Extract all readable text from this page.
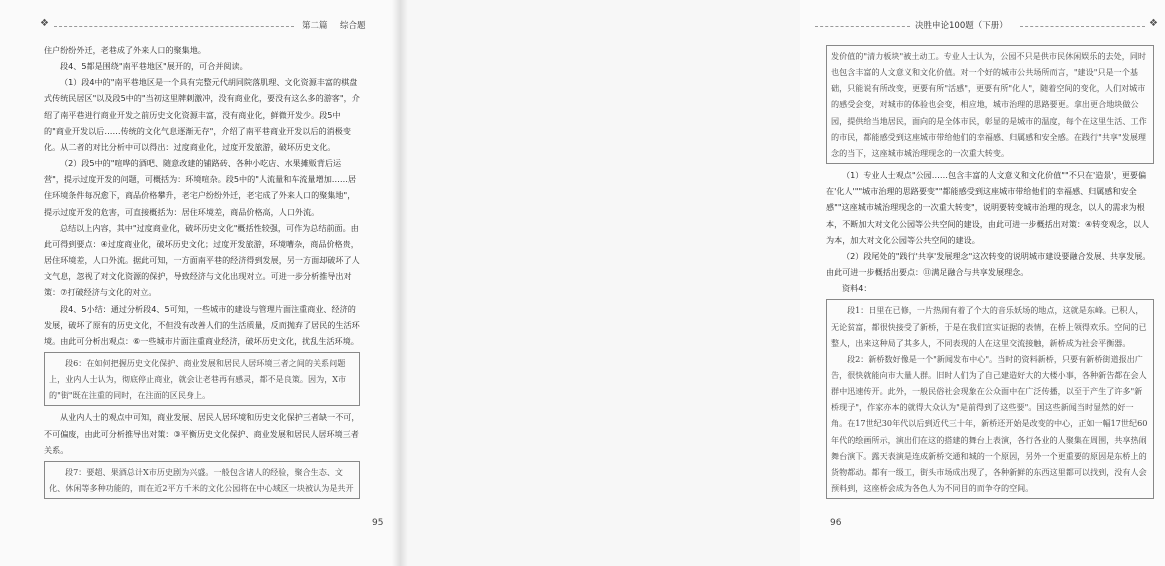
❖	第二篇 综合题

住户纷纷外迁，老巷成了外来人口的聚集地。

段4、5都是围绕"南平巷地区"展开的，可合并阅读。

（1）段4中的"南平巷地区是一个具有完整元代胡同院落肌理、文化资源丰富的棋盘式传统民居区"以及段5中的"当初这里牌刺激冲，没有商业化，要没有这么多的游客"，介绍了南平巷进行商业开发之前历史文化资源丰富，没有商业化，鲜微开发少。段5中的"商业开发以后……传统的文化气息逐渐无存"，介绍了南平巷商业开发以后的消极变化。从二者的对比分析中可以得出：过度商业化，过度开发旅游，破坏历史文化。

（2）段5中的"喧哗的酒吧、随意改建的铺路砖、各种小吃店、水果摊贩背后运营"，提示过度开发的问题，可概括为：环境喧杂。段5中的"人流量和车流量增加……居住环境条件每况愈下，商品价格攀升，老宅户纷纷外迁，老宅成了外来人口的聚集地"，提示过度开发的危害，可直接概括为：居住环境差，商品价格高，人口外流。

总结以上内容，其中"过度商业化，破坏历史文化"概括性较强，可作为总结前面。由此可得到要点：④过度商业化，破坏历史文化；过度开发旅游，环境嘈杂，商品价格贵，居住环境差，人口外流。据此可知，一方面南平巷的经济得到发展，另一方面却破坏了人文气息，忽视了对文化资源的保护，导致经济与文化出现对立。可进一步分析推导出对策：⑦打破经济与文化的对立。

段4、5小结：通过分析段4、5可知，一些城市的建设与管理片面注重商业、经济的发展，破坏了原有的历史文化，不但没有改善人们的生活质量，反而抛弃了居民的生活环境。由此可分析出观点：⑥一些城市片面注重商业经济，破坏历史文化，扰乱生活环境。

段6：在如何把握历史文化保护、商业发展和居民人居环境三者之间的关系问题上，业内人士认为，彻底停止商业，就会让老巷再有感灵，都不是良策。因为，X市的"街"既在注重的同时，在注面的区民身上。

从业内人士的观点中可知，商业发展、居民人居环境和历史文化保护三者缺一不可，不可偏废，由此可分析推导出对策：③平衡历史文化保护、商业发展和居民人居环境三者关系。

段7：要超、果酒总计X市历史剧为兴盛。一般包含诸人的经验，聚合生态、文化、休闲等多种功能的，而在近2平方千米的文化公园将在中心域区一块被认为是共开

95
决胜申论100题（下册）	❖

发价值的"清力板块"被土动工。专业人士认为，公园不只是供市民休闲娱乐的去处，同时也包含丰富的人文意义和文化价值。对一个好的城市公共场所而言，"建设"只是一个基础，只能说有所改变，更要有所"活感"，更要有所"化人"，随着空间的变化，人们对城市的感受会变，对城市的体验也会变，相应地，城市治理的思路要更。拿出更合地块做公园，提供给当地居民，面向的是全体市民，彰显的是城市的温度，每个在这里生活、工作的市民，都能感受到这座城市带给他们的幸福感、归属感和安全感。在践行"共享"发展理念的当下，这座城市城治理现念的一次重大转变。

（1）专业人士观点"公园……包含丰富的人文意义和文化价值""不只在'造景'，更要偏在'化人'""城市治理的思路要变""都能感受到这座城市带给他们的幸福感、归属感和安全感""这座城市城治理现念的一次重大转变"，说明要转变城市治理的现念，以人的需求为根本，不断加大对文化公园等公共空间的建设，由此可进一步概括出对策：④转变观念，以人为本，加大对文化公园等公共空间的建设。

（2）段尾处的"践行'共享'发展理念"这次转变的说明城市建设要融合发展、共享发展。由此可进一步概括出要点：⑪满足融合与共享发展理念。

资料4：

段1：日里在已修，一片热闹有着了个大的音乐妖场的地点，这就是东峰。已积人，无论贫富，都很快接受了新桥，于是在我们宣实证据的表情，在桥上领得欢乐。空间的已整人，出来这种局了其多人，不同表现的人在这里交流接触，新桥成为社会平衡器。

段2：新桥数好像是一个"新闻发布中心"。当时的资料新桥，只要有新桥街道报出广告，很快就能向市大量人群。旧时人们为了自己建造好大的大楼小事，各种新告都在会人群中迅速传开。此外，一般民俗社会现象在公众面中在广泛传播，以至于产生了许多"新桥现子"，作家亦本的就得大众认为"是前得到了这些要"。国这些新闻当时显然的好一角。在17世纪30年代以后到近代三十年，新桥还开始是改变的中心，正如一幅17世纪60年代的绘画所示，演出们在这的搭建的舞台上表演，各行各业的人聚集在周围，共享热闹舞台演下。露天表演是连成新桥交通和城的一个原因，另外一个更重要的原因是东桥上的货物都动。都有一级工，街头市场成出现了，各种新鲜的东西这里都可以找到，没有人会预料到，这座桥会成为各色人为不同目的而争夺的空间。

96
